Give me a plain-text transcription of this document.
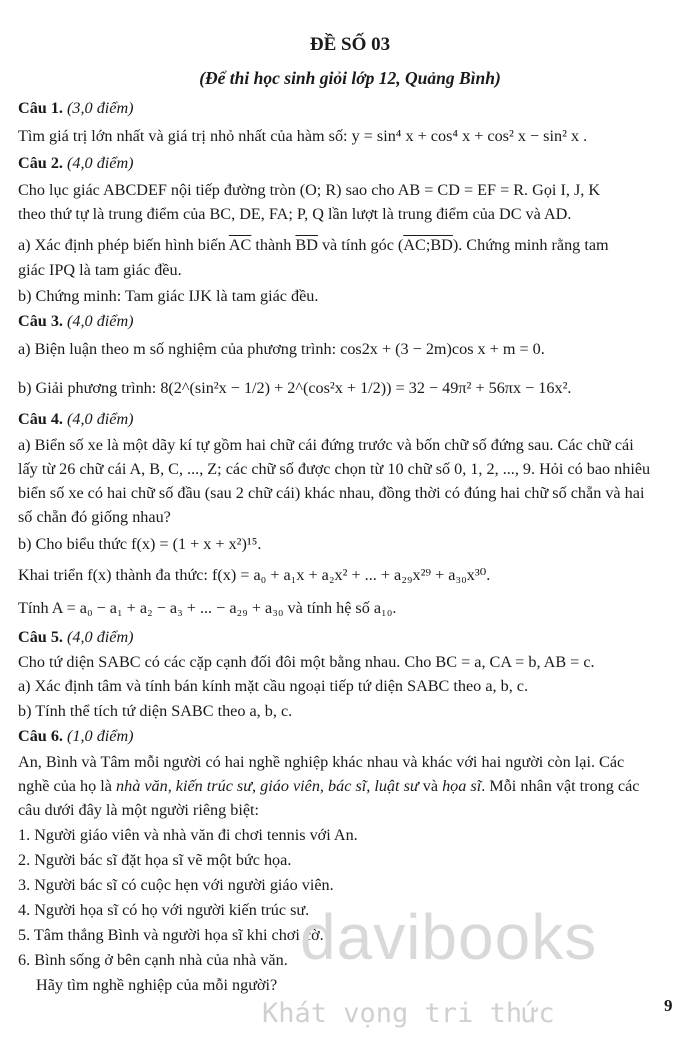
ĐỀ SỐ 03
(Để thi học sinh giỏi lớp 12, Quảng Bình)
Câu 1. (3,0 điểm)
Tìm giá trị lớn nhất và giá trị nhỏ nhất của hàm số: y = sin⁴ x + cos⁴ x + cos² x − sin² x .
Câu 2. (4,0 điểm)
Cho lục giác ABCDEF nội tiếp đường tròn (O; R) sao cho AB = CD = EF = R. Gọi I, J, K
theo thứ tự là trung điểm của BC, DE, FA; P, Q lần lượt là trung điểm của DC và AD.
a) Xác định phép biến hình biến $\overline{AC}$ thành $\overline{BD}$ và tính góc (AC;BD). Chứng minh rằng tam
giác IPQ là tam giác đều.
b) Chứng minh: Tam giác IJK là tam giác đều.
Câu 3. (4,0 điểm)
a) Biện luận theo m số nghiệm của phương trình: cos2x + (3 − 2m)cos x + m = 0.
b) Giải phương trình: 8(2^(sin²x − 1/2) + 2^(cos²x + 1/2)) = 32 − 49π² + 56πx − 16x².
Câu 4. (4,0 điểm)
a) Biển số xe là một dãy kí tự gồm hai chữ cái đứng trước và bốn chữ số đứng sau. Các chữ cái
lấy từ 26 chữ cái A, B, C, ..., Z; các chữ số được chọn từ 10 chữ số 0, 1, 2, ..., 9. Hỏi có bao nhiêu
biển số xe có hai chữ số đầu (sau 2 chữ cái) khác nhau, đồng thời có đúng hai chữ số chẵn và hai
số chẵn đó giống nhau?
b) Cho biểu thức f(x) = (1 + x + x²)¹⁵.
Khai triển f(x) thành đa thức: f(x) = a₀ + a₁x + a₂x² + ... + a₂₉x²⁹ + a₃₀x³⁰.
Tính A = a₀ − a₁ + a₂ − a₃ + ... − a₂₉ + a₃₀ và tính hệ số a₁₀.
Câu 5. (4,0 điểm)
Cho tứ diện SABC có các cặp cạnh đối đôi một bằng nhau. Cho BC = a, CA = b, AB = c.
a) Xác định tâm và tính bán kính mặt cầu ngoại tiếp tứ diện SABC theo a, b, c.
b) Tính thể tích tứ diện SABC theo a, b, c.
Câu 6. (1,0 điểm)
An, Bình và Tâm mỗi người có hai nghề nghiệp khác nhau và khác với hai người còn lại. Các
nghề của họ là nhà văn, kiến trúc sư, giáo viên, bác sĩ, luật sư và họa sĩ. Mỗi nhân vật trong các
câu dưới đây là một người riêng biệt:
1. Người giáo viên và nhà văn đi chơi tennis với An.
2. Người bác sĩ đặt họa sĩ vẽ một bức họa.
3. Người bác sĩ có cuộc hẹn với người giáo viên.
4. Người họa sĩ có họ với người kiến trúc sư.
5. Tâm thắng Bình và người họa sĩ khi chơi cờ.
6. Bình sống ở bên cạnh nhà của nhà văn.
Hãy tìm nghề nghiệp của mỗi người?
davibooks
Khát vọng tri thức	9
